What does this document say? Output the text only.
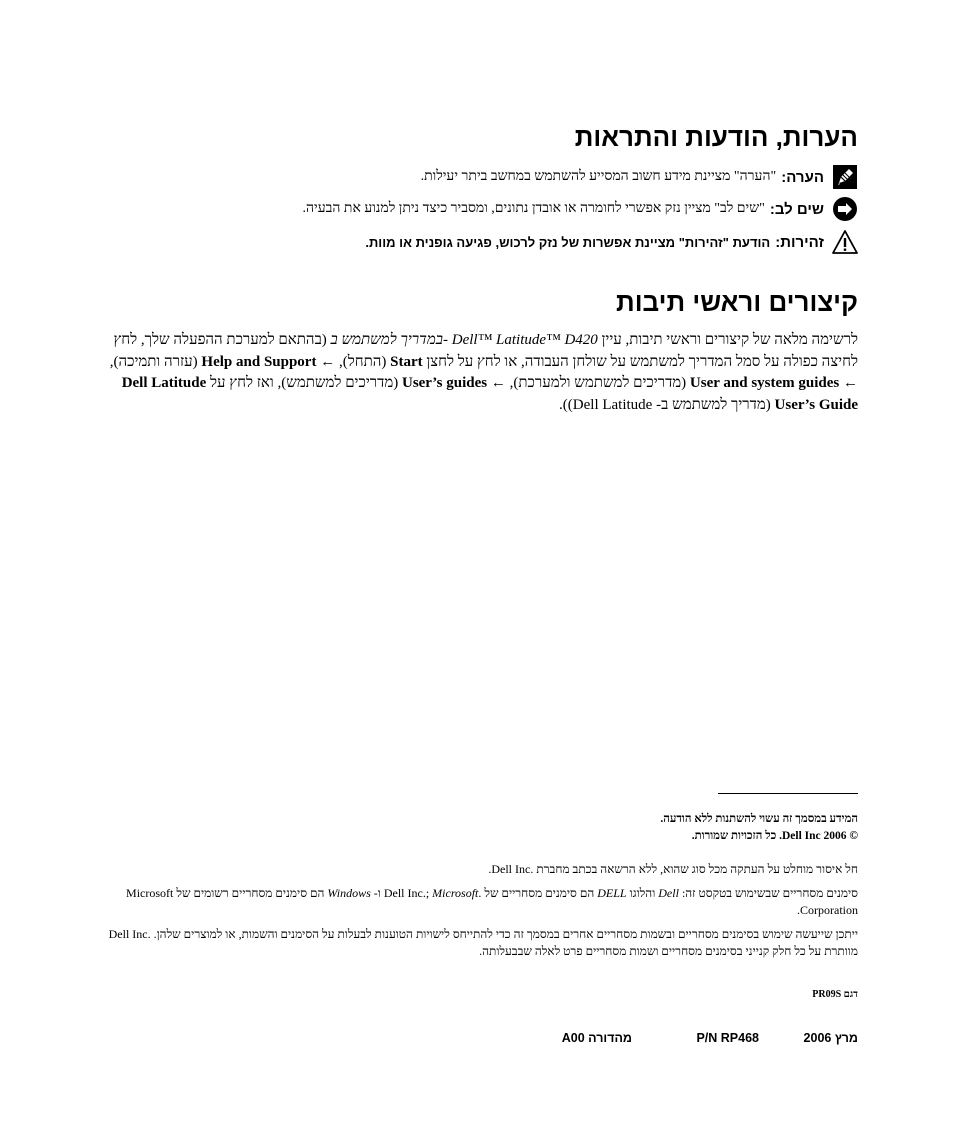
הערות, הודעות והתראות
הערה:
"הערה" מציינת מידע חשוב המסייע להשתמש במחשב ביתר יעילות.
שים לב:
"שים לב" מציין נזק אפשרי לחומרה או אובדן נתונים, ומסביר כיצד ניתן למנוע את הבעיה.
זהירות:
הודעת "זהירות" מציינת אפשרות של נזק לרכוש, פגיעה גופנית או מוות.
קיצורים וראשי תיבות

לרשימה מלאה של קיצורים וראשי תיבות, עיין במדריך למשתמש ב- Dell™ Latitude™ D420 (בהתאם למערכת ההפעלה שלך, לחץ לחיצה כפולה על סמל המדריך למשתמש על שולחן העבודה, או לחץ על לחצן Start (התחל), ← Help and Support (עזרה ותמיכה), ← User and system guides (מדריכים למשתמש ולמערכת), ← User’s guides (מדריכים למשתמש), ואז לחץ על Dell Latitude User’s Guide (מדריך למשתמש ב- Dell Latitude)).

המידע במסמך זה עשוי להשתנות ללא הודעה.
© 2006 Dell Inc. כל הזכויות שמורות.
חל איסור מוחלט על העתקה מכל סוג שהוא, ללא הרשאה בכתב מחברת .Dell Inc.
סימנים מסחריים שבשימוש בטקסט זה: Dell והלוגו DELL הם סימנים מסחריים של .Dell Inc.; Microsoft ו- Windows הם סימנים מסחריים רשומים של Microsoft Corporation.
ייתכן שייעשה שימוש בסימנים מסחריים ובשמות מסחריים אחרים במסמך זה כדי להתייחס לישויות הטוענות לבעלות על הסימנים והשמות, או למוצרים שלהן. .Dell Inc מוותרת על כל חלק קנייני בסימנים מסחריים ושמות מסחריים פרט לאלה שבבעלותה.
דגם PR09S
מרץ 2006
P/N RP468
מהדורה A00
